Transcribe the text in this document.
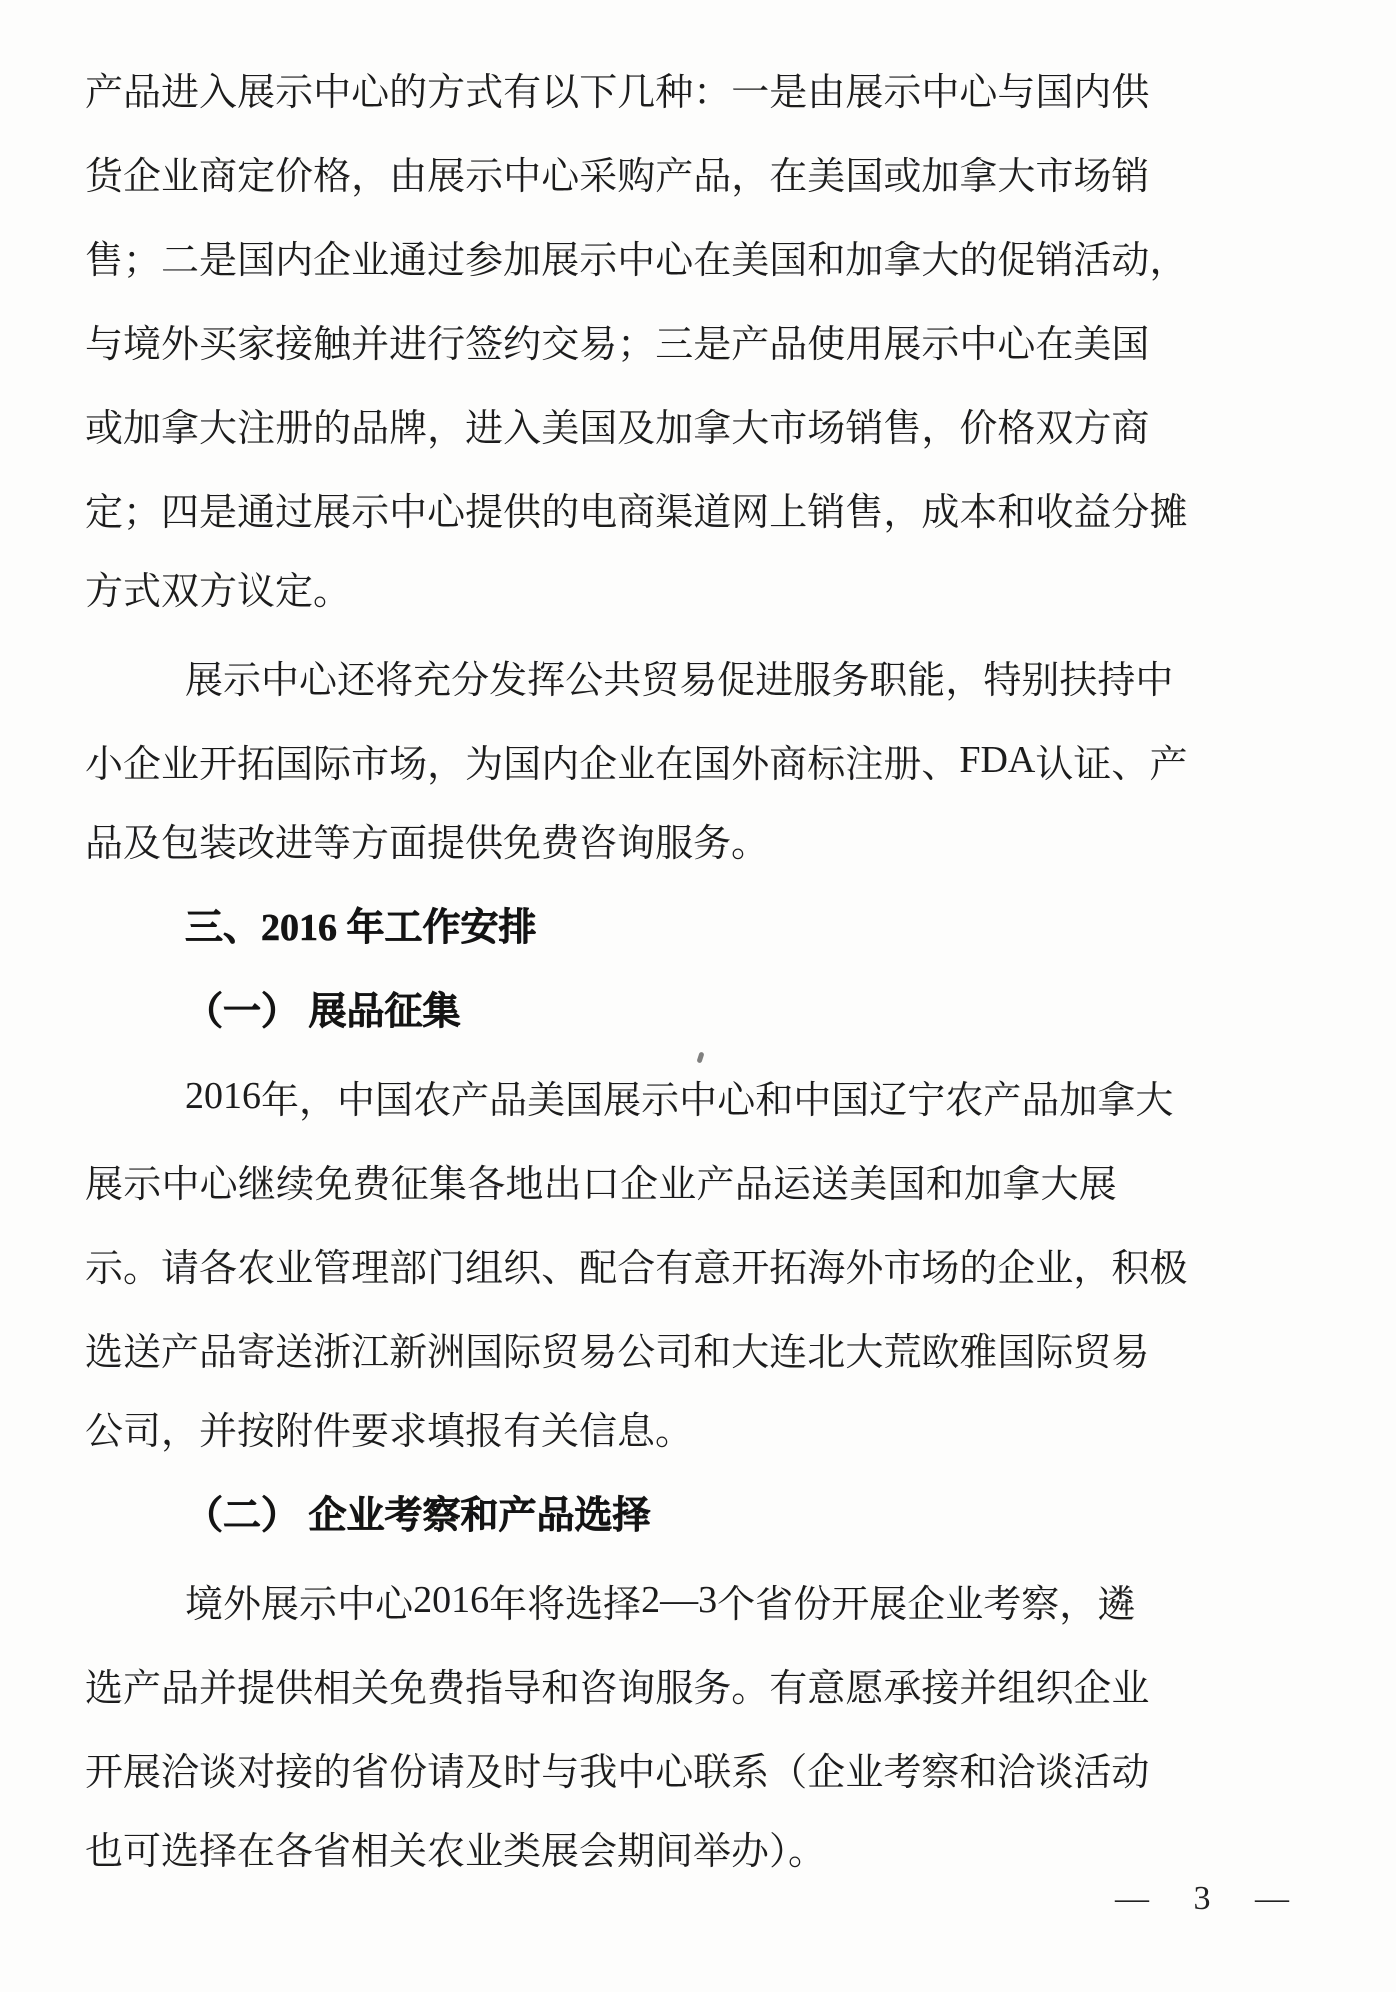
产 品 进 入 展 示 中 心 的 方 式 有 以 下 几 种 ： 一 是 由 展 示 中 心 与 国 内 供
货 企 业 商 定 价 格 ， 由 展 示 中 心 采 购 产 品 ， 在 美 国 或 加 拿 大 市 场 销
售 ； 二 是 国 内 企 业 通 过 参 加 展 示 中 心 在 美 国 和 加 拿 大 的 促 销 活 动 ，
与 境 外 买 家 接 触 并 进 行 签 约 交 易 ； 三 是 产 品 使 用 展 示 中 心 在 美 国
或 加 拿 大 注 册 的 品 牌 ， 进 入 美 国 及 加 拿 大 市 场 销 售 ， 价 格 双 方 商
定 ； 四 是 通 过 展 示 中 心 提 供 的 电 商 渠 道 网 上 销 售 ， 成 本 和 收 益 分 摊
方式双方议定。
展 示 中 心 还 将 充 分 发 挥 公 共 贸 易 促 进 服 务 职 能 ， 特 别 扶 持 中
小 企 业 开 拓 国 际 市 场 ， 为 国 内 企 业 在 国 外 商 标 注 册 、 FDA 认 证 、 产
品及包装改进等方面提供免费咨询服务。
三、2016 年工作安排
（一） 展品征集
2016 年 ， 中 国 农 产 品 美 国 展 示 中 心 和 中 国 辽 宁 农 产 品 加 拿 大
展 示 中 心 继 续 免 费 征 集 各 地 出 口 企 业 产 品 运 送 美 国 和 加 拿 大 展
示 。 请 各 农 业 管 理 部 门 组 织 、 配 合 有 意 开 拓 海 外 市 场 的 企 业 ， 积 极
选 送 产 品 寄 送 浙 江 新 洲 国 际 贸 易 公 司 和 大 连 北 大 荒 欧 雅 国 际 贸 易
公司，并按附件要求填报有关信息。
（二） 企业考察和产品选择
境 外 展 示 中 心 2016 年 将 选 择 2 — 3 个 省 份 开 展 企 业 考 察 ， 遴
选 产 品 并 提 供 相 关 免 费 指 导 和 咨 询 服 务 。 有 意 愿 承 接 并 组 织 企 业
开 展 洽 谈 对 接 的 省 份 请 及 时 与 我 中 心 联 系 （ 企 业 考 察 和 洽 谈 活 动
也可选择在各省相关农业类展会期间举办）。
— 3 —
